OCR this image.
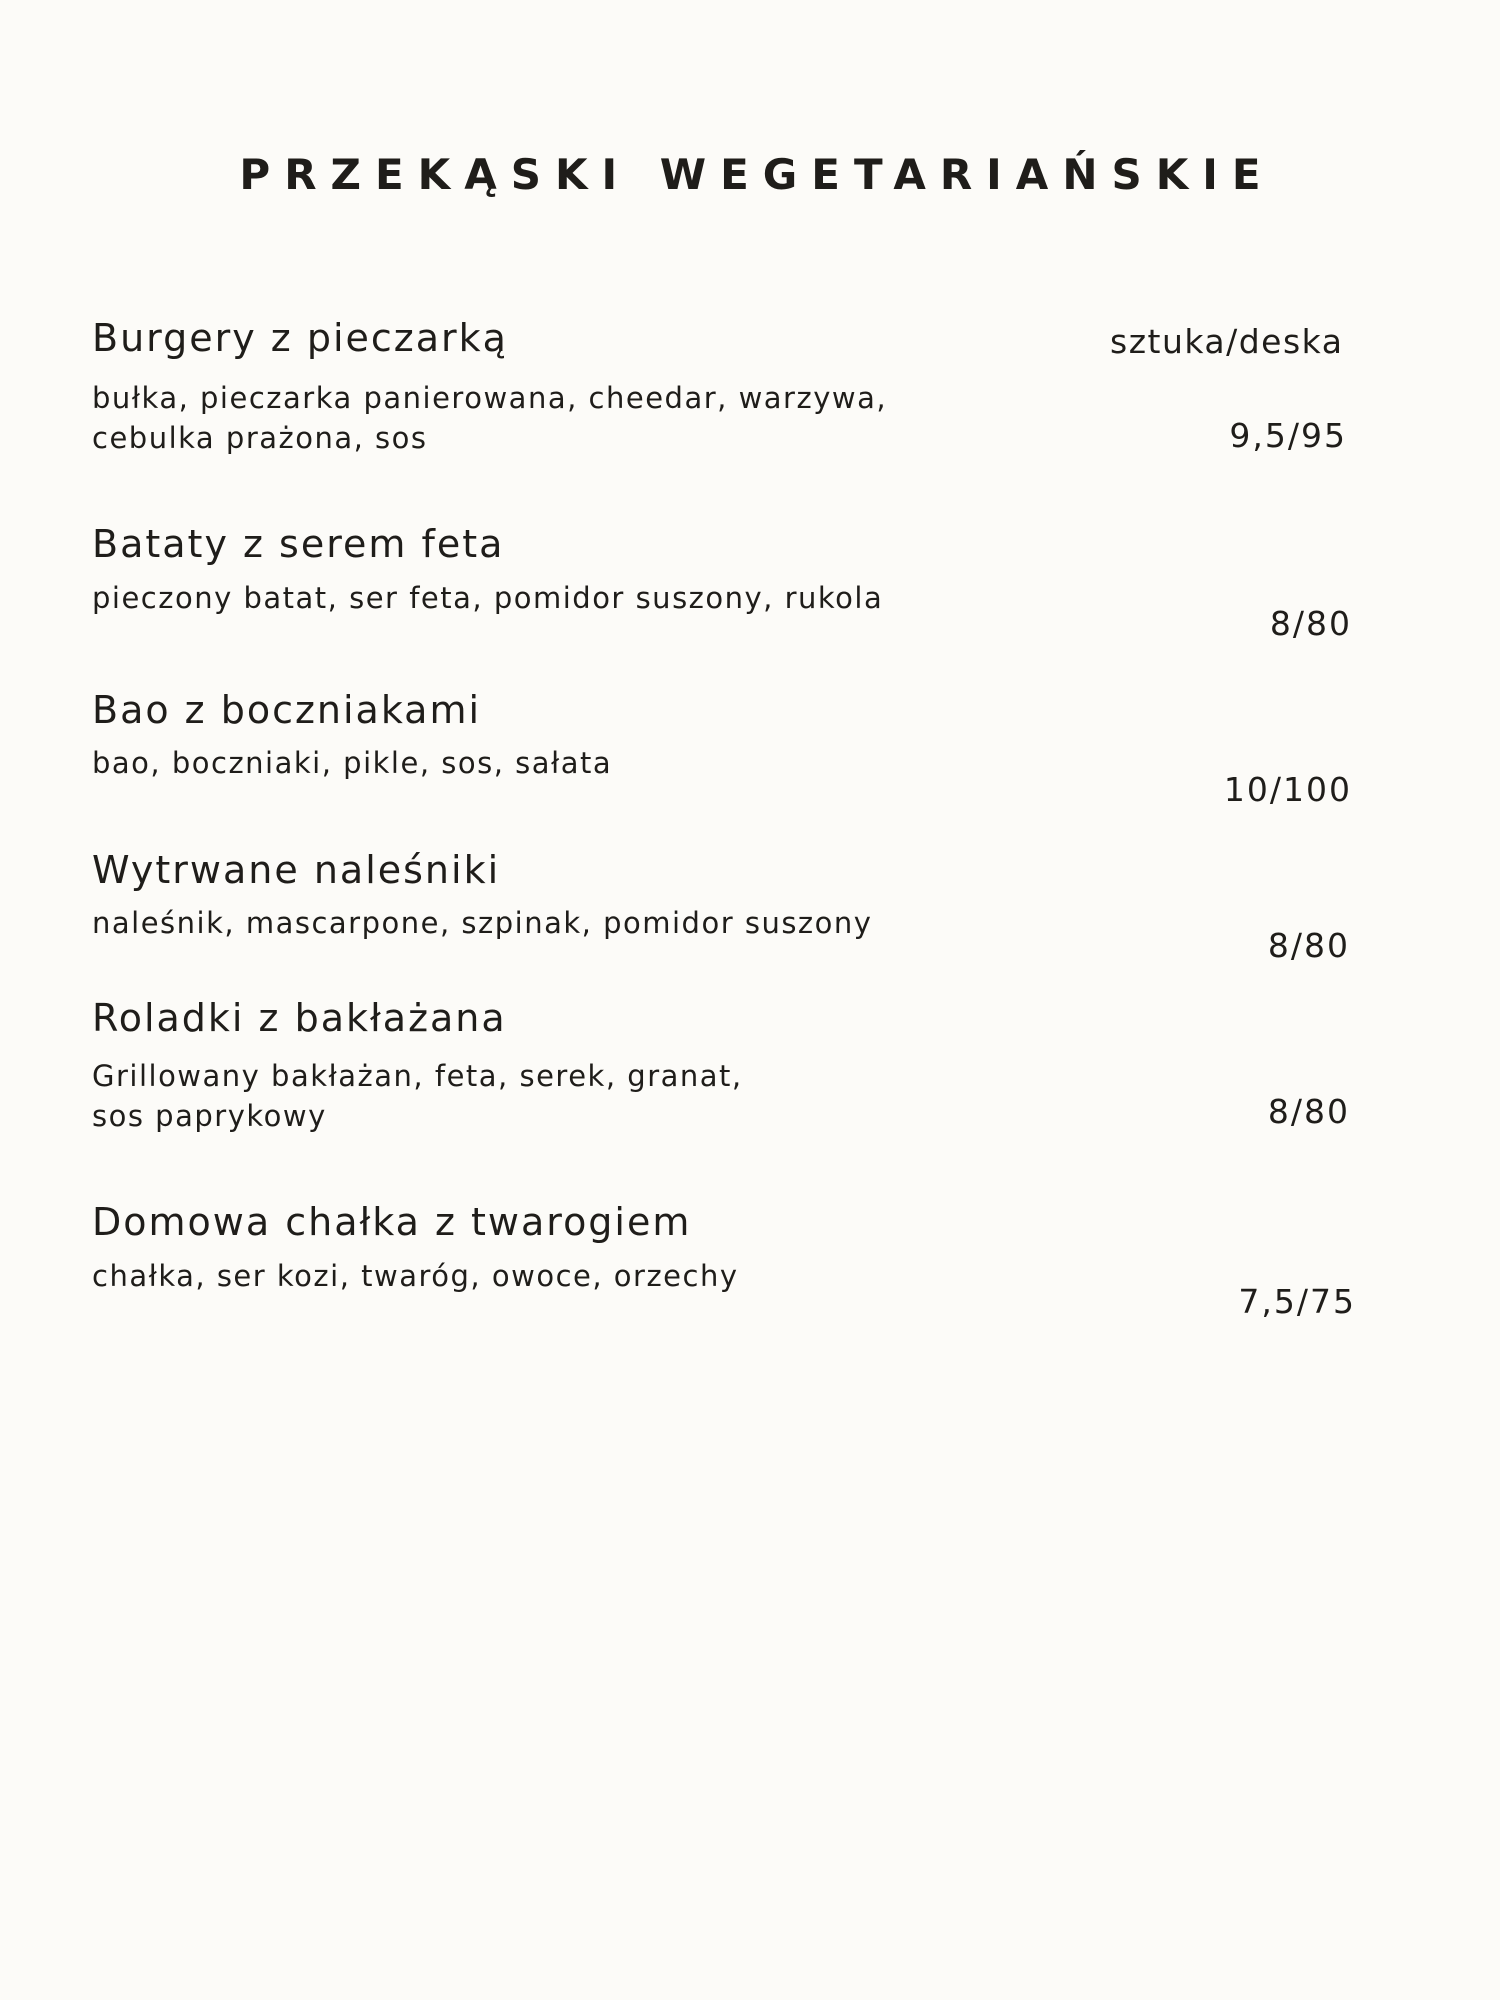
PRZEKĄSKI WEGETARIAŃSKIE
sztuka/deska
Burgery z pieczarką
bułka, pieczarka panierowana, cheedar, warzywa,
cebulka prażona, sos	9,5/95
Bataty z serem feta
pieczony batat, ser feta, pomidor suszony, rukola
8/80
Bao z boczniakami
bao, boczniaki, pikle, sos, sałata
10/100
Wytrwane naleśniki
naleśnik, mascarpone, szpinak, pomidor suszony
8/80
Roladki z bakłażana
Grillowany bakłażan, feta, serek, granat,
sos paprykowy	8/80
Domowa chałka z twarogiem
chałka, ser kozi, twaróg, owoce, orzechy
7,5/75
